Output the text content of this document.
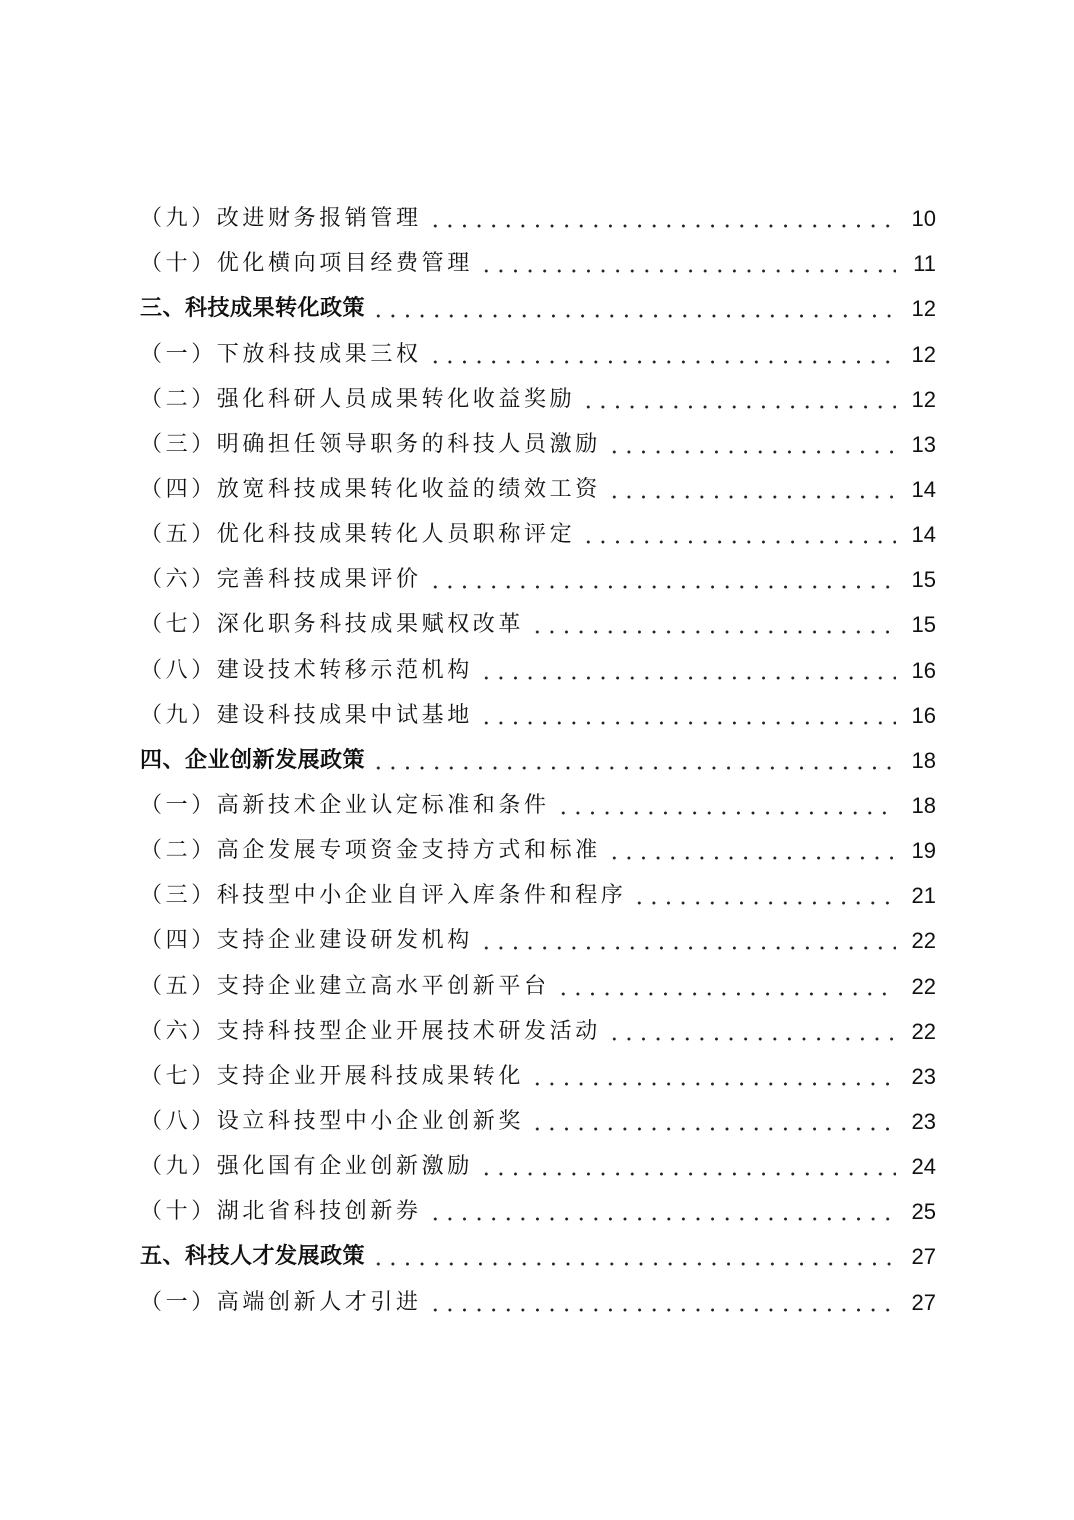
（九）改进财务报销管理	10
（十）优化横向项目经费管理	11
三、科技成果转化政策	12
（一）下放科技成果三权	12
（二）强化科研人员成果转化收益奖励	12
（三）明确担任领导职务的科技人员激励	13
（四）放宽科技成果转化收益的绩效工资	14
（五）优化科技成果转化人员职称评定	14
（六）完善科技成果评价	15
（七）深化职务科技成果赋权改革	15
（八）建设技术转移示范机构	16
（九）建设科技成果中试基地	16
四、企业创新发展政策	18
（一）高新技术企业认定标准和条件	18
（二）高企发展专项资金支持方式和标准	19
（三）科技型中小企业自评入库条件和程序	21
（四）支持企业建设研发机构	22
（五）支持企业建立高水平创新平台	22
（六）支持科技型企业开展技术研发活动	22
（七）支持企业开展科技成果转化	23
（八）设立科技型中小企业创新奖	23
（九）强化国有企业创新激励	24
（十）湖北省科技创新券	25
五、科技人才发展政策	27
（一）高端创新人才引进	27
